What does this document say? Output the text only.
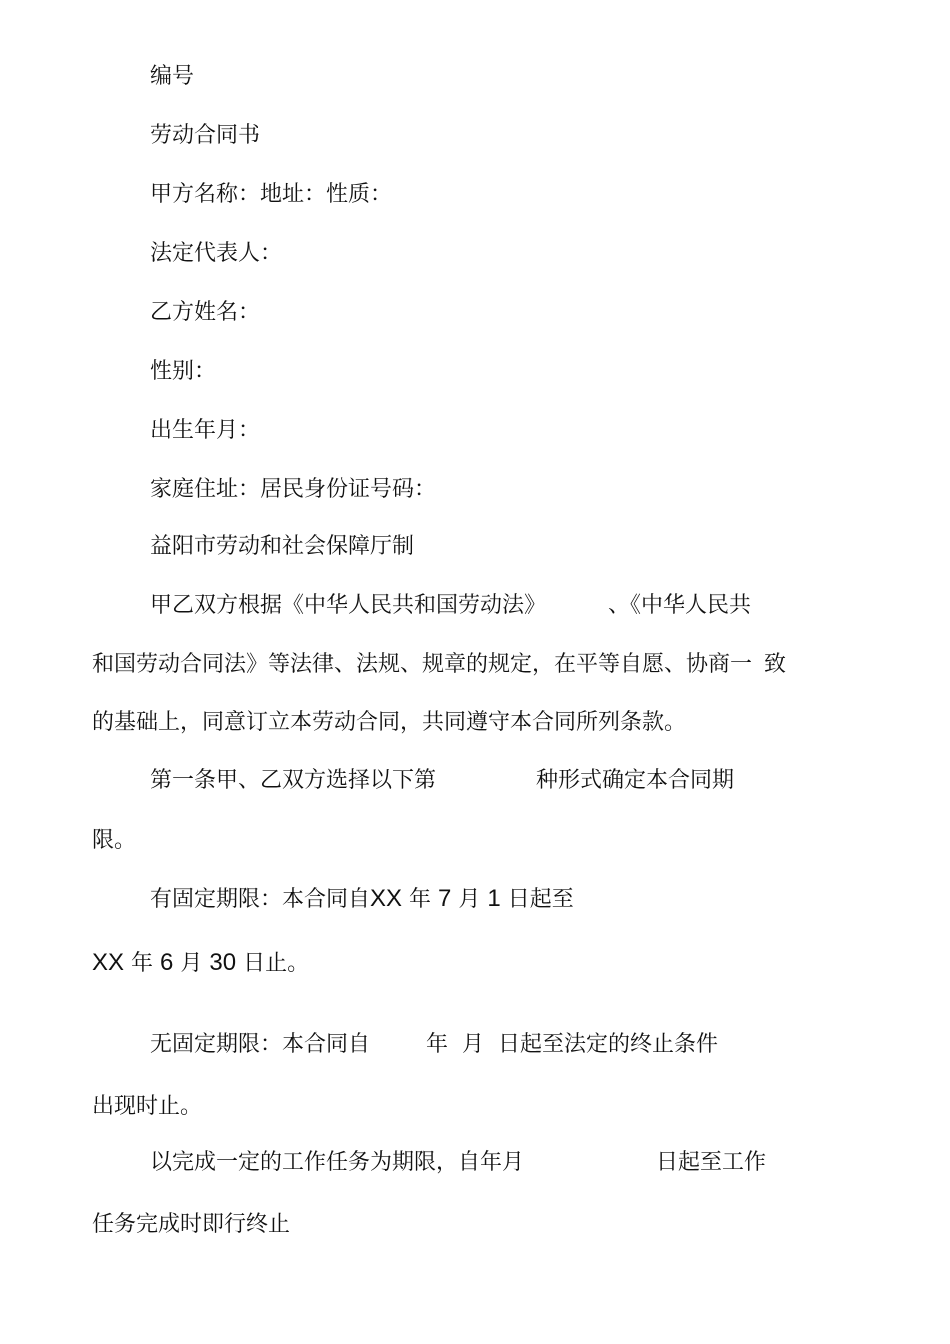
编号

劳动合同书

甲方名称：地址：性质：

法定代表人：

乙方姓名：

性别：

出生年月：

家庭住址：居民身份证号码：

益阳市劳动和社会保障厅制

甲乙双方根据《中华人民共和国劳动法》	、《中华人民共

和国劳动合同法》等法律、法规、规章的规定，在平等自愿、协商一 致

的基础上，同意订立本劳动合同，共同遵守本合同所列条款。

第一条甲、乙双方选择以下第	种形式确定本合同期

限。

有固定期限：本合同自XX 年 7 月 1 日起至

XX 年 6 月 30 日止。

无固定期限：本合同自	年 月 日起至法定的终止条件

出现时止。

以完成一定的工作任务为期限，自年月	日起至工作

任务完成时即行终止
